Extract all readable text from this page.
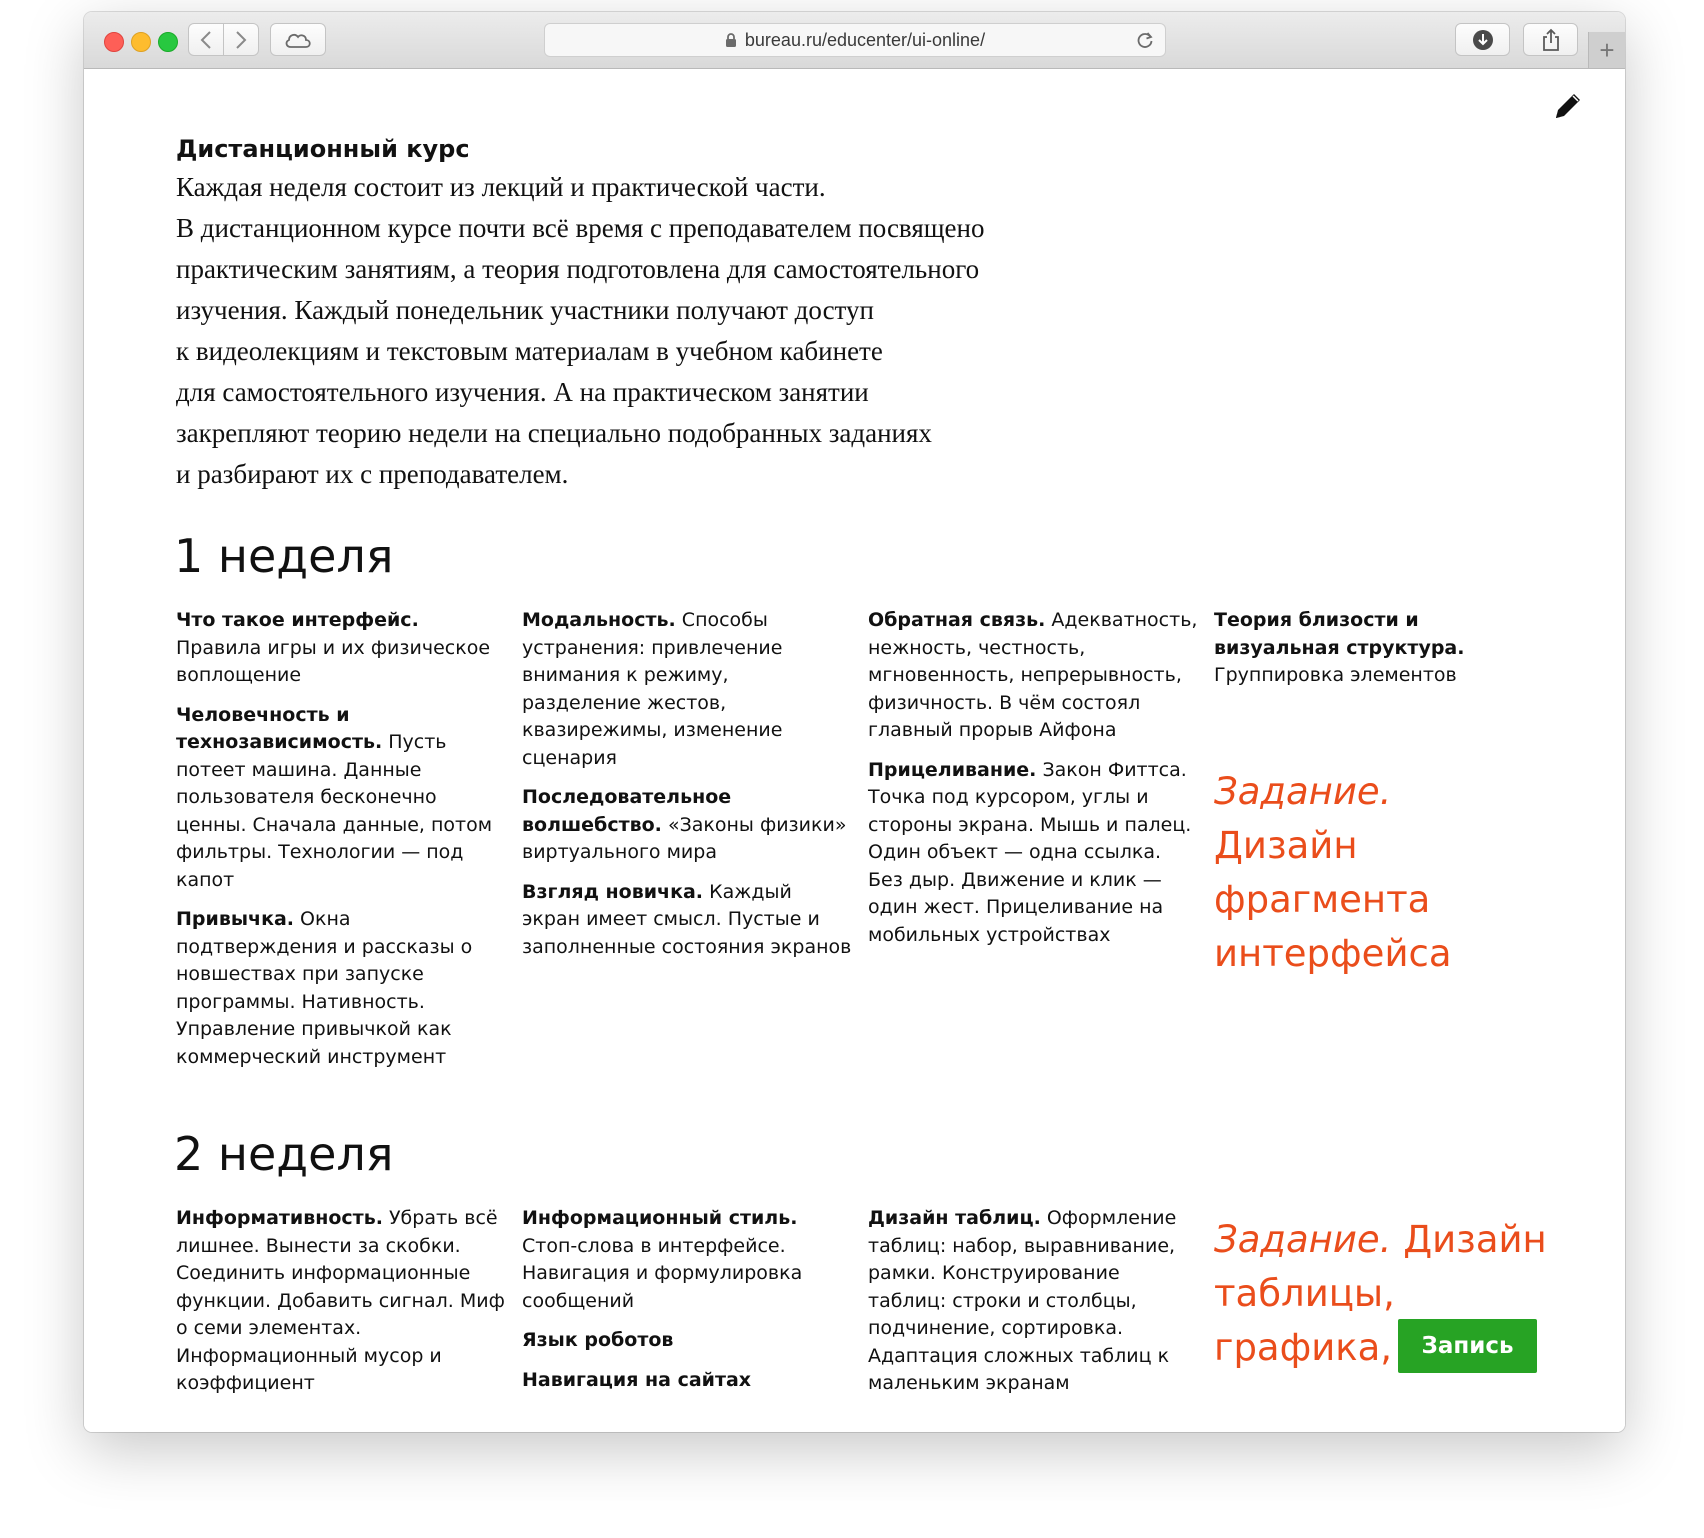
bureau.ru/educenter/ui-online/	+

Дистанционный курс

Каждая неделя состоит из лекций и практической части.
В дистанционном курсе почти всё время с преподавателем посвящено
практическим занятиям, а теория подготовлена для самостоятельного
изучения. Каждый понедельник участники получают доступ
к видеолекциям и текстовым материалам в учебном кабинете
для самостоятельного изучения. А на практическом занятии
закрепляют теорию недели на специально подобранных заданиях
и разбирают их с преподавателем.

1 неделя

Что такое интерфейс. Правила игры и их физическое воплощение

Человечность и технозависимость. Пусть потеет машина. Данные пользователя бесконечно ценны. Сначала данные, потом фильтры. Технологии — под капот

Привычка. Окна подтверждения и рассказы о новшествах при запуске программы. Нативность. Управление привычкой как коммерческий инструмент

Модальность. Способы устранения: привлечение внимания к режиму, разделение жестов, квазирежимы, изменение сценария

Последовательное волшебство. «Законы физики» виртуального мира

Взгляд новичка. Каждый экран имеет смысл. Пустые и заполненные состояния экранов

Обратная связь. Адекватность, нежность, честность, мгновенность, непрерывность, физичность. В чём состоял главный прорыв Айфона

Прицеливание. Закон Фиттса. Точка под курсором, углы и стороны экрана. Мышь и палец. Один объект — одна ссылка. Без дыр. Движение и клик — один жест. Прицеливание на мобильных устройствах

Теория близости и визуальная структура. Группировка элементов

Задание. Дизайн фрагмента интерфейса
2 неделя

Информативность. Убрать всё лишнее. Вынести за скобки. Соединить информационные функции. Добавить сигнал. Миф о семи элементах. Информационный мусор и коэффициент

Информационный стиль. Стоп-слова в интерфейсе. Навигация и формулировка сообщений

Язык роботов

Навигация на сайтах

Дизайн таблиц. Оформление таблиц: набор, выравнивание, рамки. Конструирование таблиц: строки и столбцы, подчинение, сортировка. Адаптация сложных таблиц к маленьким экранам

Задание. Дизайн таблицы, графика, Запись
